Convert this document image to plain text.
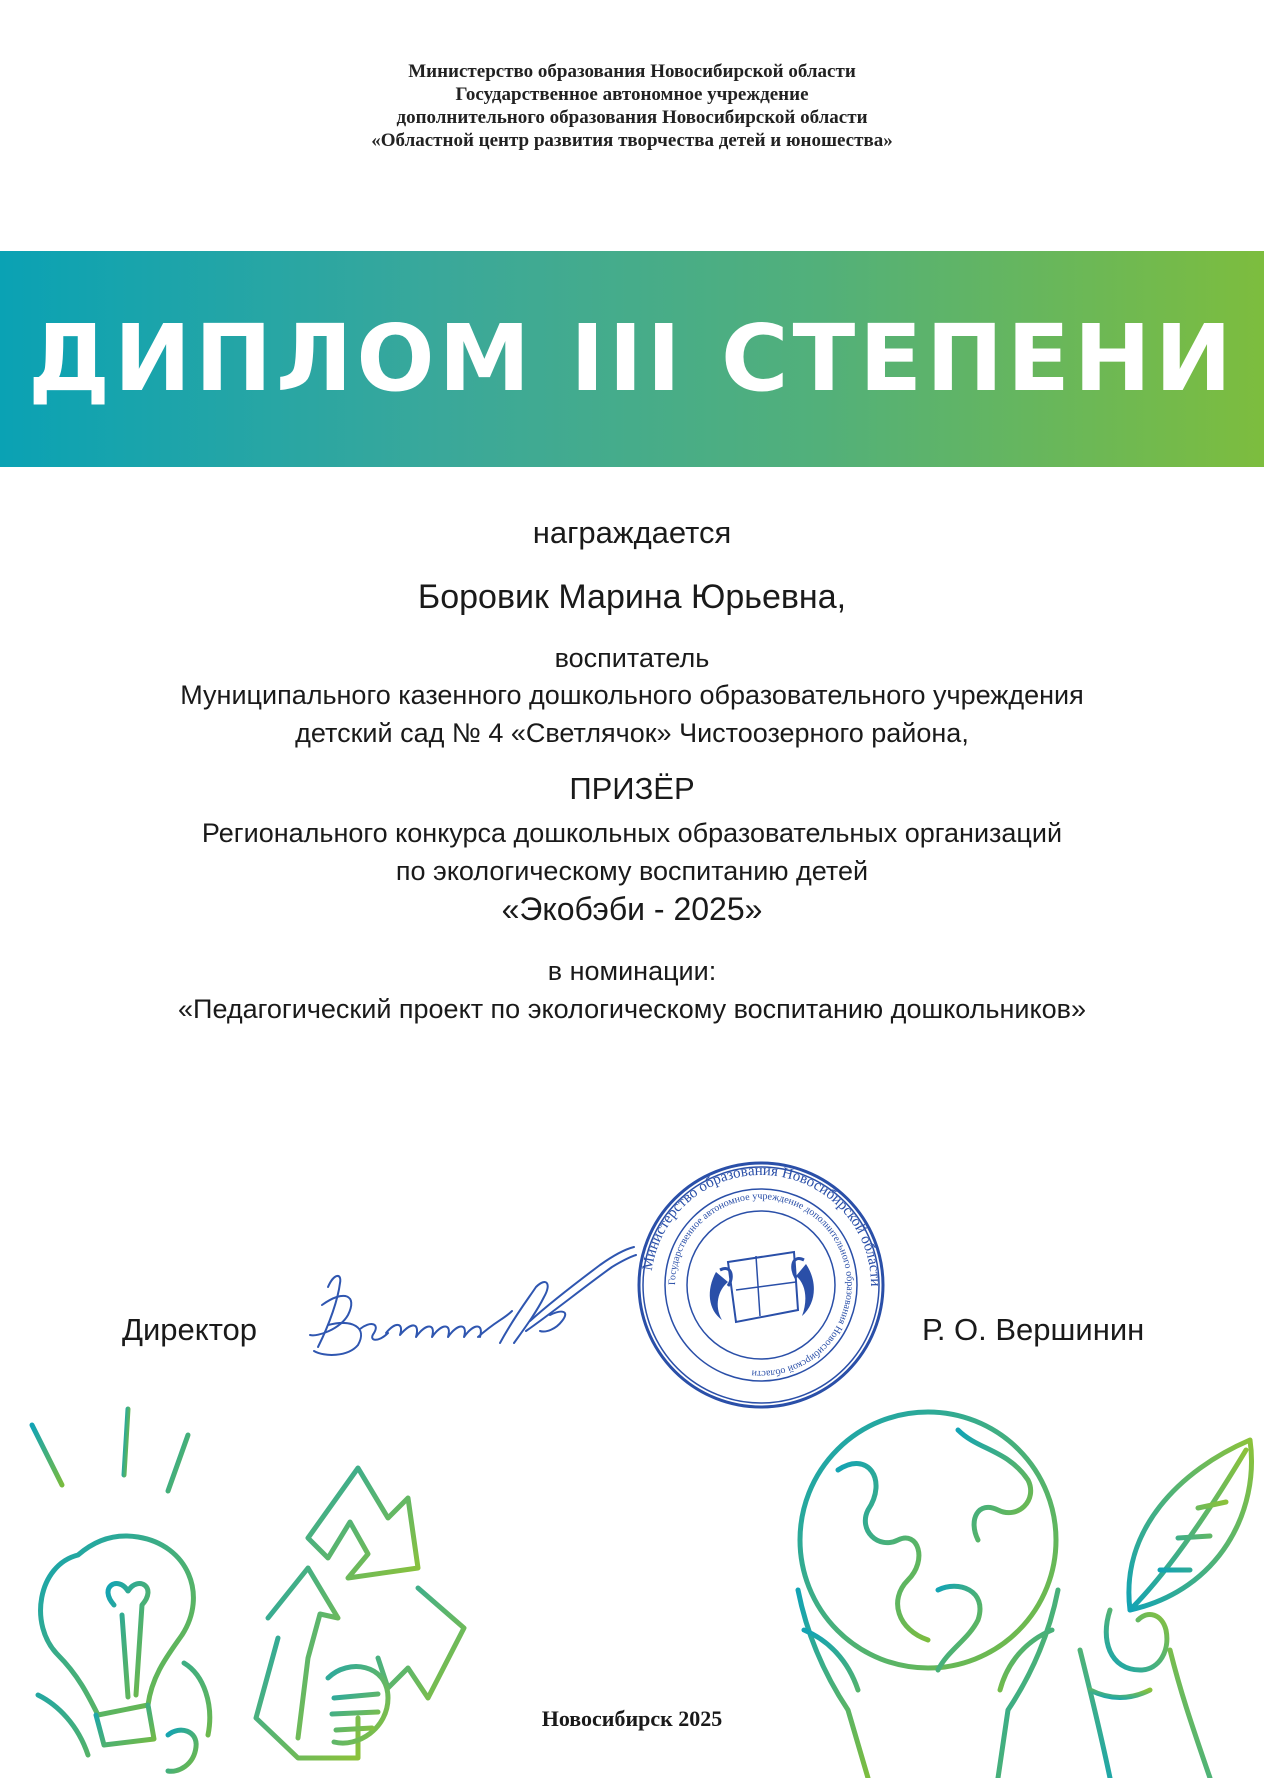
Министерство образования Новосибирской области
Государственное автономное учреждение
дополнительного образования Новосибирской области
«Областной центр развития творчества детей и юношества»
ДИПЛОМ III СТЕПЕНИ
награждается
Боровик Марина Юрьевна,
воспитатель
Муниципального казенного дошкольного образовательного учреждения
детский сад № 4 «Светлячок» Чистоозерного района,
ПРИЗЁР
Регионального конкурса дошкольных образовательных организаций
по экологическому воспитанию детей
«Экобэби - 2025»
в номинации:
«Педагогический проект по экологическому воспитанию дошкольников»
Директор
Министерство образования Новосибирской области
Государственное автономное учреждение дополнительного образования Новосибирской области
Р. О. Вершинин
Новосибирск 2025
